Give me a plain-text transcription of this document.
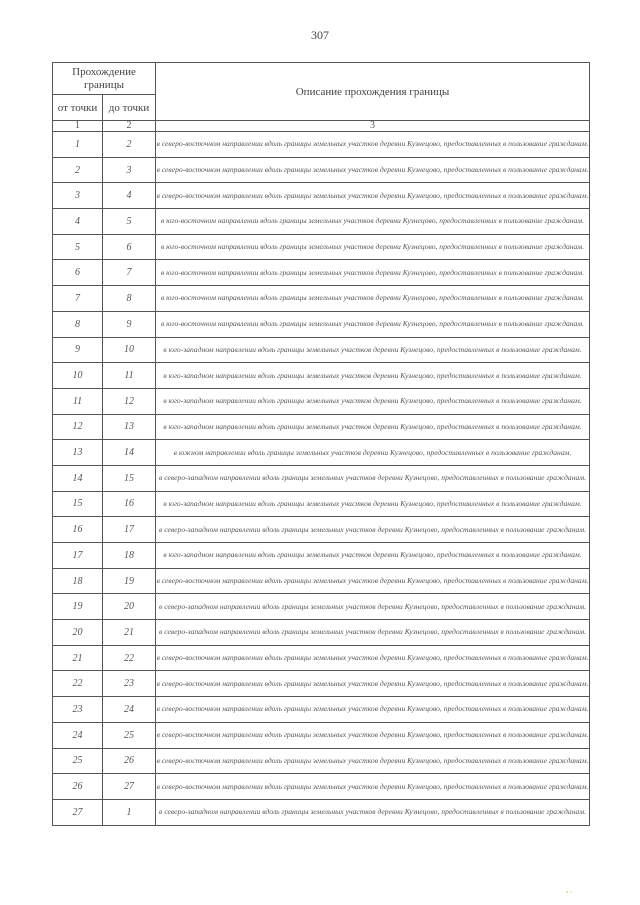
307
Прохождение границы		Описание прохождения границы
от точки	до точки	
1	2	3
1	2	в северо-восточном направлении вдоль границы земельных участков деревни Кузнецово, предоставленных в пользование гражданам.
2	3	в северо-восточном направлении вдоль границы земельных участков деревни Кузнецово, предоставленных в пользование гражданам.
3	4	в северо-восточном направлении вдоль границы земельных участков деревни Кузнецово, предоставленных в пользование гражданам.
4	5	в юго-восточном направлении вдоль границы земельных участков деревни Кузнецово, предоставленных в пользование гражданам.
5	6	в юго-восточном направлении вдоль границы земельных участков деревни Кузнецово, предоставленных в пользование гражданам.
6	7	в юго-восточном направлении вдоль границы земельных участков деревни Кузнецово, предоставленных в пользование гражданам.
7	8	в юго-восточном направлении вдоль границы земельных участков деревни Кузнецово, предоставленных в пользование гражданам.
8	9	в юго-восточном направлении вдоль границы земельных участков деревни Кузнецово, предоставленных в пользование гражданам.
9	10	в юго-западном направлении вдоль границы земельных участков деревни Кузнецово, предоставленных в пользование гражданам.
10	11	в юго-западном направлении вдоль границы земельных участков деревни Кузнецово, предоставленных в пользование гражданам.
11	12	в юго-западном направлении вдоль границы земельных участков деревни Кузнецово, предоставленных в пользование гражданам.
12	13	в юго-западном направлении вдоль границы земельных участков деревни Кузнецово, предоставленных в пользование гражданам.
13	14	в южном направлении вдоль границы земельных участков деревни Кузнецово, предоставленных в пользование гражданам.
14	15	в северо-западном направлении вдоль границы земельных участков деревни Кузнецово, предоставленных в пользование гражданам.
15	16	в юго-западном направлении вдоль границы земельных участков деревни Кузнецово, предоставленных в пользование гражданам.
16	17	в северо-западном направлении вдоль границы земельных участков деревни Кузнецово, предоставленных в пользование гражданам.
17	18	в юго-западном направлении вдоль границы земельных участков деревни Кузнецово, предоставленных в пользование гражданам.
18	19	в северо-восточном направлении вдоль границы земельных участков деревни Кузнецово, предоставленных в пользование гражданам.
19	20	в северо-западном направлении вдоль границы земельных участков деревни Кузнецово, предоставленных в пользование гражданам.
20	21	в северо-западном направлении вдоль границы земельных участков деревни Кузнецово, предоставленных в пользование гражданам.
21	22	в северо-восточном направлении вдоль границы земельных участков деревни Кузнецово, предоставленных в пользование гражданам.
22	23	в северо-восточном направлении вдоль границы земельных участков деревни Кузнецово, предоставленных в пользование гражданам.
23	24	в северо-восточном направлении вдоль границы земельных участков деревни Кузнецово, предоставленных в пользование гражданам.
24	25	в северо-восточном направлении вдоль границы земельных участков деревни Кузнецово, предоставленных в пользование гражданам.
25	26	в северо-восточном направлении вдоль границы земельных участков деревни Кузнецово, предоставленных в пользование гражданам.
26	27	в северо-восточном направлении вдоль границы земельных участков деревни Кузнецово, предоставленных в пользование гражданам.
27	1	в северо-западном направлении вдоль границы земельных участков деревни Кузнецово, предоставленных в пользование гражданам.
▪ ▫
